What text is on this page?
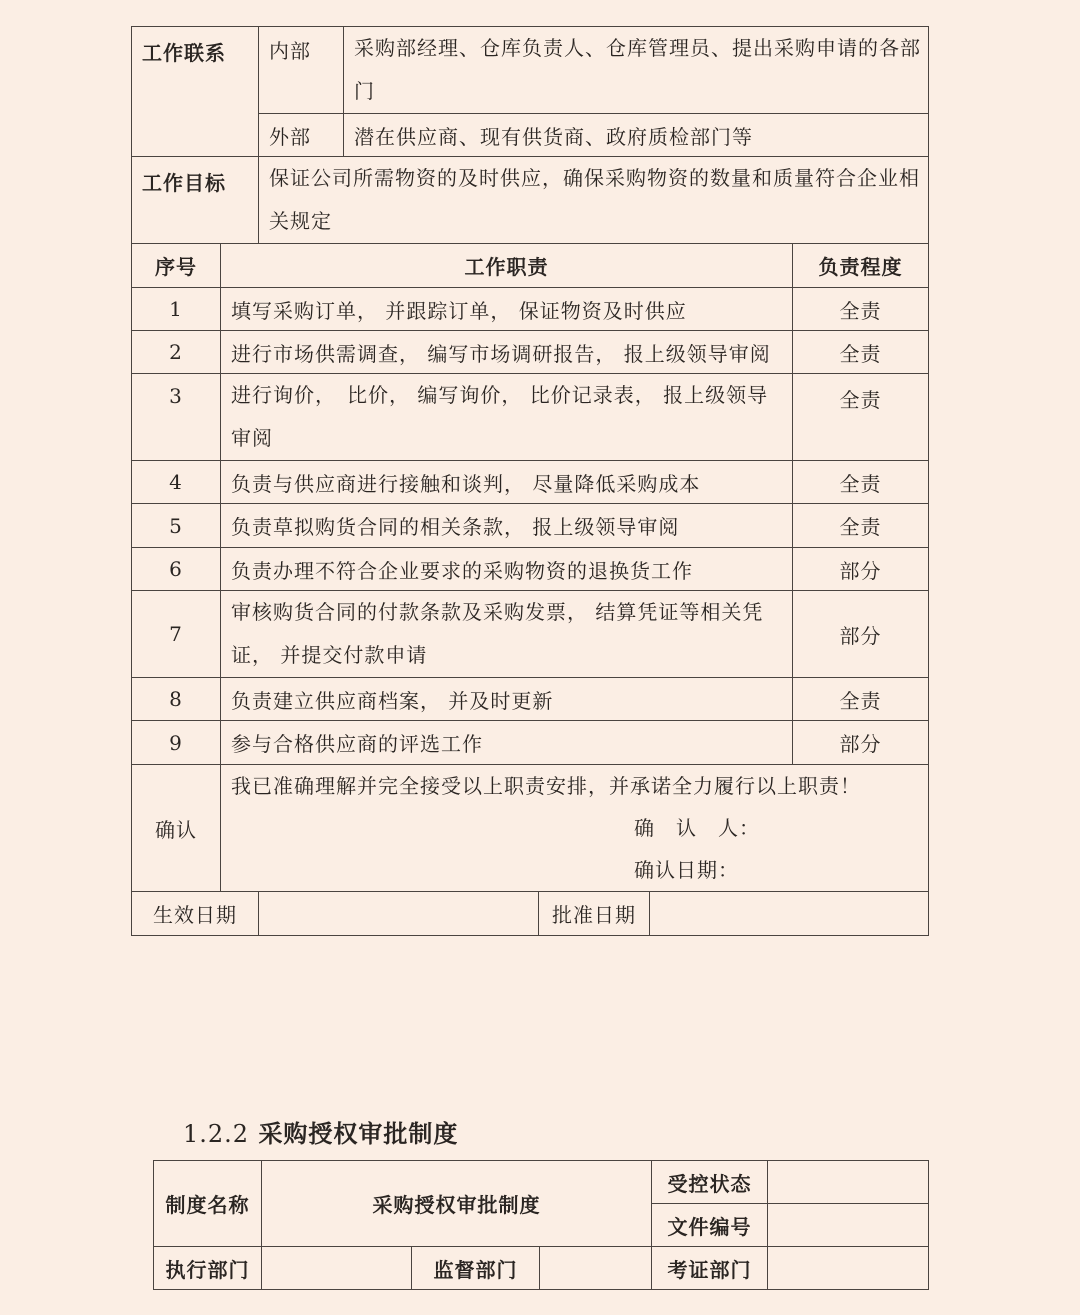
工作联系		内部	采购部经理、仓库负责人、仓库管理员、提出采购申请的各部门			
		外部	潜在供应商、现有供货商、政府质检部门等			
工作目标		保证公司所需物资的及时供应，确保采购物资的数量和质量符合企业相关规定				
序号	工作职责					负责程度
1	填写采购订单， 并跟踪订单， 保证物资及时供应					全责
2	进行市场供需调查， 编写市场调研报告， 报上级领导审阅					全责
3	进行询价，　比价， 编写询价， 比价记录表， 报上级领导审阅					全责
4	负责与供应商进行接触和谈判， 尽量降低采购成本					全责
5	负责草拟购货合同的相关条款， 报上级领导审阅					全责
6	负责办理不符合企业要求的采购物资的退换货工作					部分
7	审核购货合同的付款条款及采购发票， 结算凭证等相关凭证， 并提交付款申请					部分
8	负责建立供应商档案， 并及时更新					全责
9	参与合格供应商的评选工作					部分
确认	我已准确理解并完全接受以上职责安排，并承诺全力履行以上职责！
确　认　人：
确认日期：					

生效日期				批准日期		
1.2.2 采购授权审批制度
制度名称	采购授权审批制度			受控状态	
				文件编号	
执行部门		监督部门		考证部门	
